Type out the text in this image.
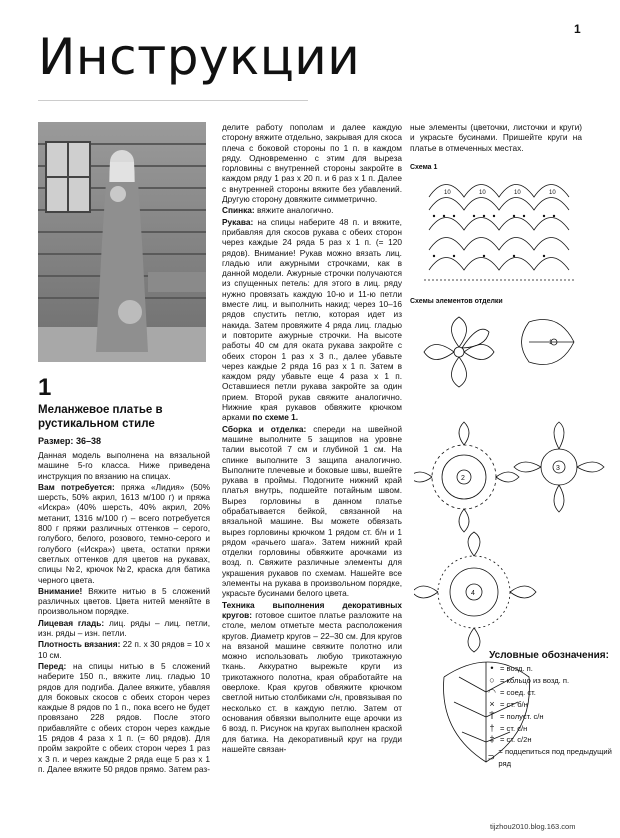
1
Инструкции
1
Меланжевое платье в рустикальном стиле
Размер: 36–38

Данная модель выполнена на вязальной машине 5-го класса. Ниже приведена инструкция по вязанию на спицах.

Вам потребуется: пряжа «Лидия» (50% шерсть, 50% акрил, 1613 м/100 г) и пряжа «Искра» (40% шерсть, 40% акрил, 20% метанит, 1316 м/100 г) – всего потребуется 800 г пряжи различных оттенков – серого, голубого, белого, розового, темно-серого и голубого («Искра») цвета, остатки пряжи светлых оттенков для цветов на рукавах, спицы №2, крючок №2, краска для батика черного цвета.

Внимание! Вяжите нитью в 5 сложений различных цветов. Цвета нитей меняйте в произвольном порядке.

Лицевая гладь: лиц. ряды – лиц. петли, изн. ряды – изн. петли.

Плотность вязания: 22 п. х 30 рядов = 10 х 10 см.

Перед: на спицы нитью в 5 сложений наберите 150 п., вяжите лиц. гладью 10 рядов для подгиба. Далее вяжите, убавляя для боковых скосов с обеих сторон через каждые 8 рядов по 1 п., пока всего не будет провязано 228 рядов. После этого прибавляйте с обеих сторон через каждые 15 рядов 4 раза х 1 п. (= 60 рядов). Для пройм закройте с обеих сторон через 1 раз х 3 п. и через каждые 2 ряда еще 5 раз х 1 п. Далее вяжите 50 рядов прямо. Затем раз-

делите работу пополам и далее каждую сторону вяжите отдельно, закрывая для скоса плеча с боковой стороны по 1 п. в каждом ряду. Одновременно с этим для выреза горловины с внутренней стороны закройте в каждом ряду 1 раз х 20 п. и 6 раз х 1 п. Далее с внутренней стороны вяжите без убавлений. Другую сторону довяжите симметрично.

Спинка: вяжите аналогично.

Рукава: на спицы наберите 48 п. и вяжите, прибавляя для скосов рукава с обеих сторон через каждые 24 ряда 5 раз х 1 п. (= 120 рядов). Внимание! Рукав можно вязать лиц. гладью или ажурными строчками, как в данной модели. Ажурные строчки получаются из спущенных петель: для этого в лиц. ряду нужно провязать каждую 10-ю и 11-ю петли вместе лиц. и выполнить накид; через 10–16 рядов спустить петлю, которая идет из накида. Затем провяжите 4 ряда лиц. гладью и повторите ажурные строчки. На высоте работы 40 см для оката рукава закройте с обеих сторон 1 раз х 3 п., далее убавьте через каждые 2 ряда 16 раз х 1 п. Затем в каждом ряду убавьте еще 4 раза х 1 п. Оставшиеся петли рукава закройте за один прием. Второй рукав свяжите аналогично. Нижние края рукавов обвяжите крючком арками по схеме 1.

Сборка и отделка: спереди на швейной машине выполните 5 защипов на уровне талии высотой 7 см и глубиной 1 см. На спинке выполните 3 защипа аналогично. Выполните плечевые и боковые швы, вшейте рукава в проймы. Подогните нижний край платья внутрь, подшейте потайным швом. Вырез горловины в данном платье обрабатывается бейкой, связанной на вязальной машине. Вы можете обвязать вырез горловины крючком 1 рядом ст. б/н и 1 рядом «рачьего шага». Затем нижний край отделки горловины обвяжите арочками из возд. п. Свяжите различные элементы для украшения рукавов по схемам. Нашейте все элементы на рукава в произвольном порядке, украсьте бусинами белого цвета.

Техника выполнения декоративных кругов: готовое сшитое платье разложите на столе, мелом отметьте места расположения кругов. Диаметр кругов – 22–30 см. Для кругов на вязаной машине свяжите полотно или можно использовать любую трикотажную ткань. Аккуратно вырежьте круги из трикотажного полотна, края обработайте на оверлоке. Края кругов обвяжите крючком светлой нитью столбиками с/н, провязывая по несколько ст. в каждую петлю. Затем от основания обвязки выполните еще арочки из 6 возд. п. Рисунок на кругах выполнен краской для батика. На декоративный круг на груди нашейте связан-

ные элементы (цветочки, листочки и круги) и украсьте бусинами. Пришейте круги на платье в отмеченных местах.

Схема 1
Схемы элементов отделки
10	10	10	10
1
2
3
4
Условные обозначения:
• = возд. п.
○ = кольцо из возд. п.
◠ = соед. ст.
× = ст. б/н
Ṫ = полуст. с/н
† = ст. с/н
‡ = ст. с/2н
⊃
= подцепиться под предыдущий ряд
tijzhou2010.blog.163.com
